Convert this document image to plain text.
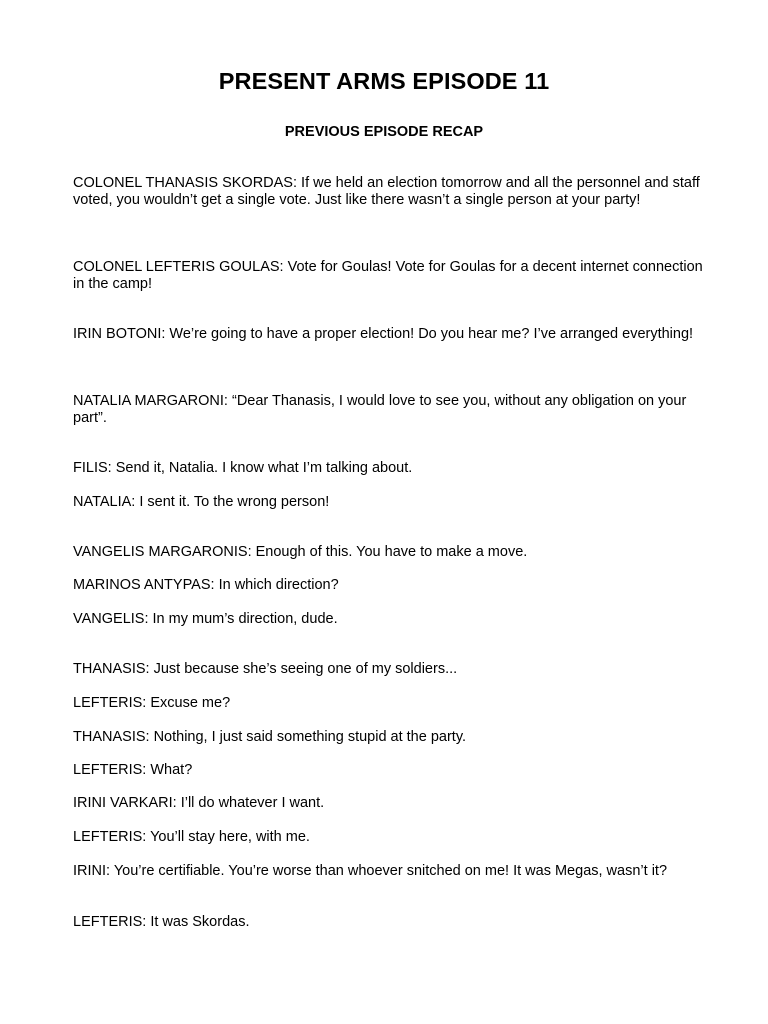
PRESENT ARMS EPISODE 11
PREVIOUS EPISODE RECAP

COLONEL THANASIS SKORDAS: If we held an election tomorrow and all the personnel and staff voted, you wouldn’t get a single vote. Just like there wasn’t a single person at your party!

COLONEL LEFTERIS GOULAS: Vote for Goulas! Vote for Goulas for a decent internet connection in the camp!

IRIN BOTONI: We’re going to have a proper election! Do you hear me? I’ve arranged everything!

NATALIA MARGARONI: “Dear Thanasis, I would love to see you, without any obligation on your part”.

FILIS: Send it, Natalia. I know what I’m talking about.

NATALIA: I sent it. To the wrong person!

VANGELIS MARGARONIS: Enough of this. You have to make a move.

MARINOS ANTYPAS: In which direction?

VANGELIS: In my mum’s direction, dude.

THANASIS: Just because she’s seeing one of my soldiers...

LEFTERIS: Excuse me?

THANASIS: Nothing, I just said something stupid at the party.

LEFTERIS: What?

IRINI VARKARI: I’ll do whatever I want.

LEFTERIS: You’ll stay here, with me.

IRINI: You’re certifiable. You’re worse than whoever snitched on me! It was Megas, wasn’t it?

LEFTERIS: It was Skordas.
